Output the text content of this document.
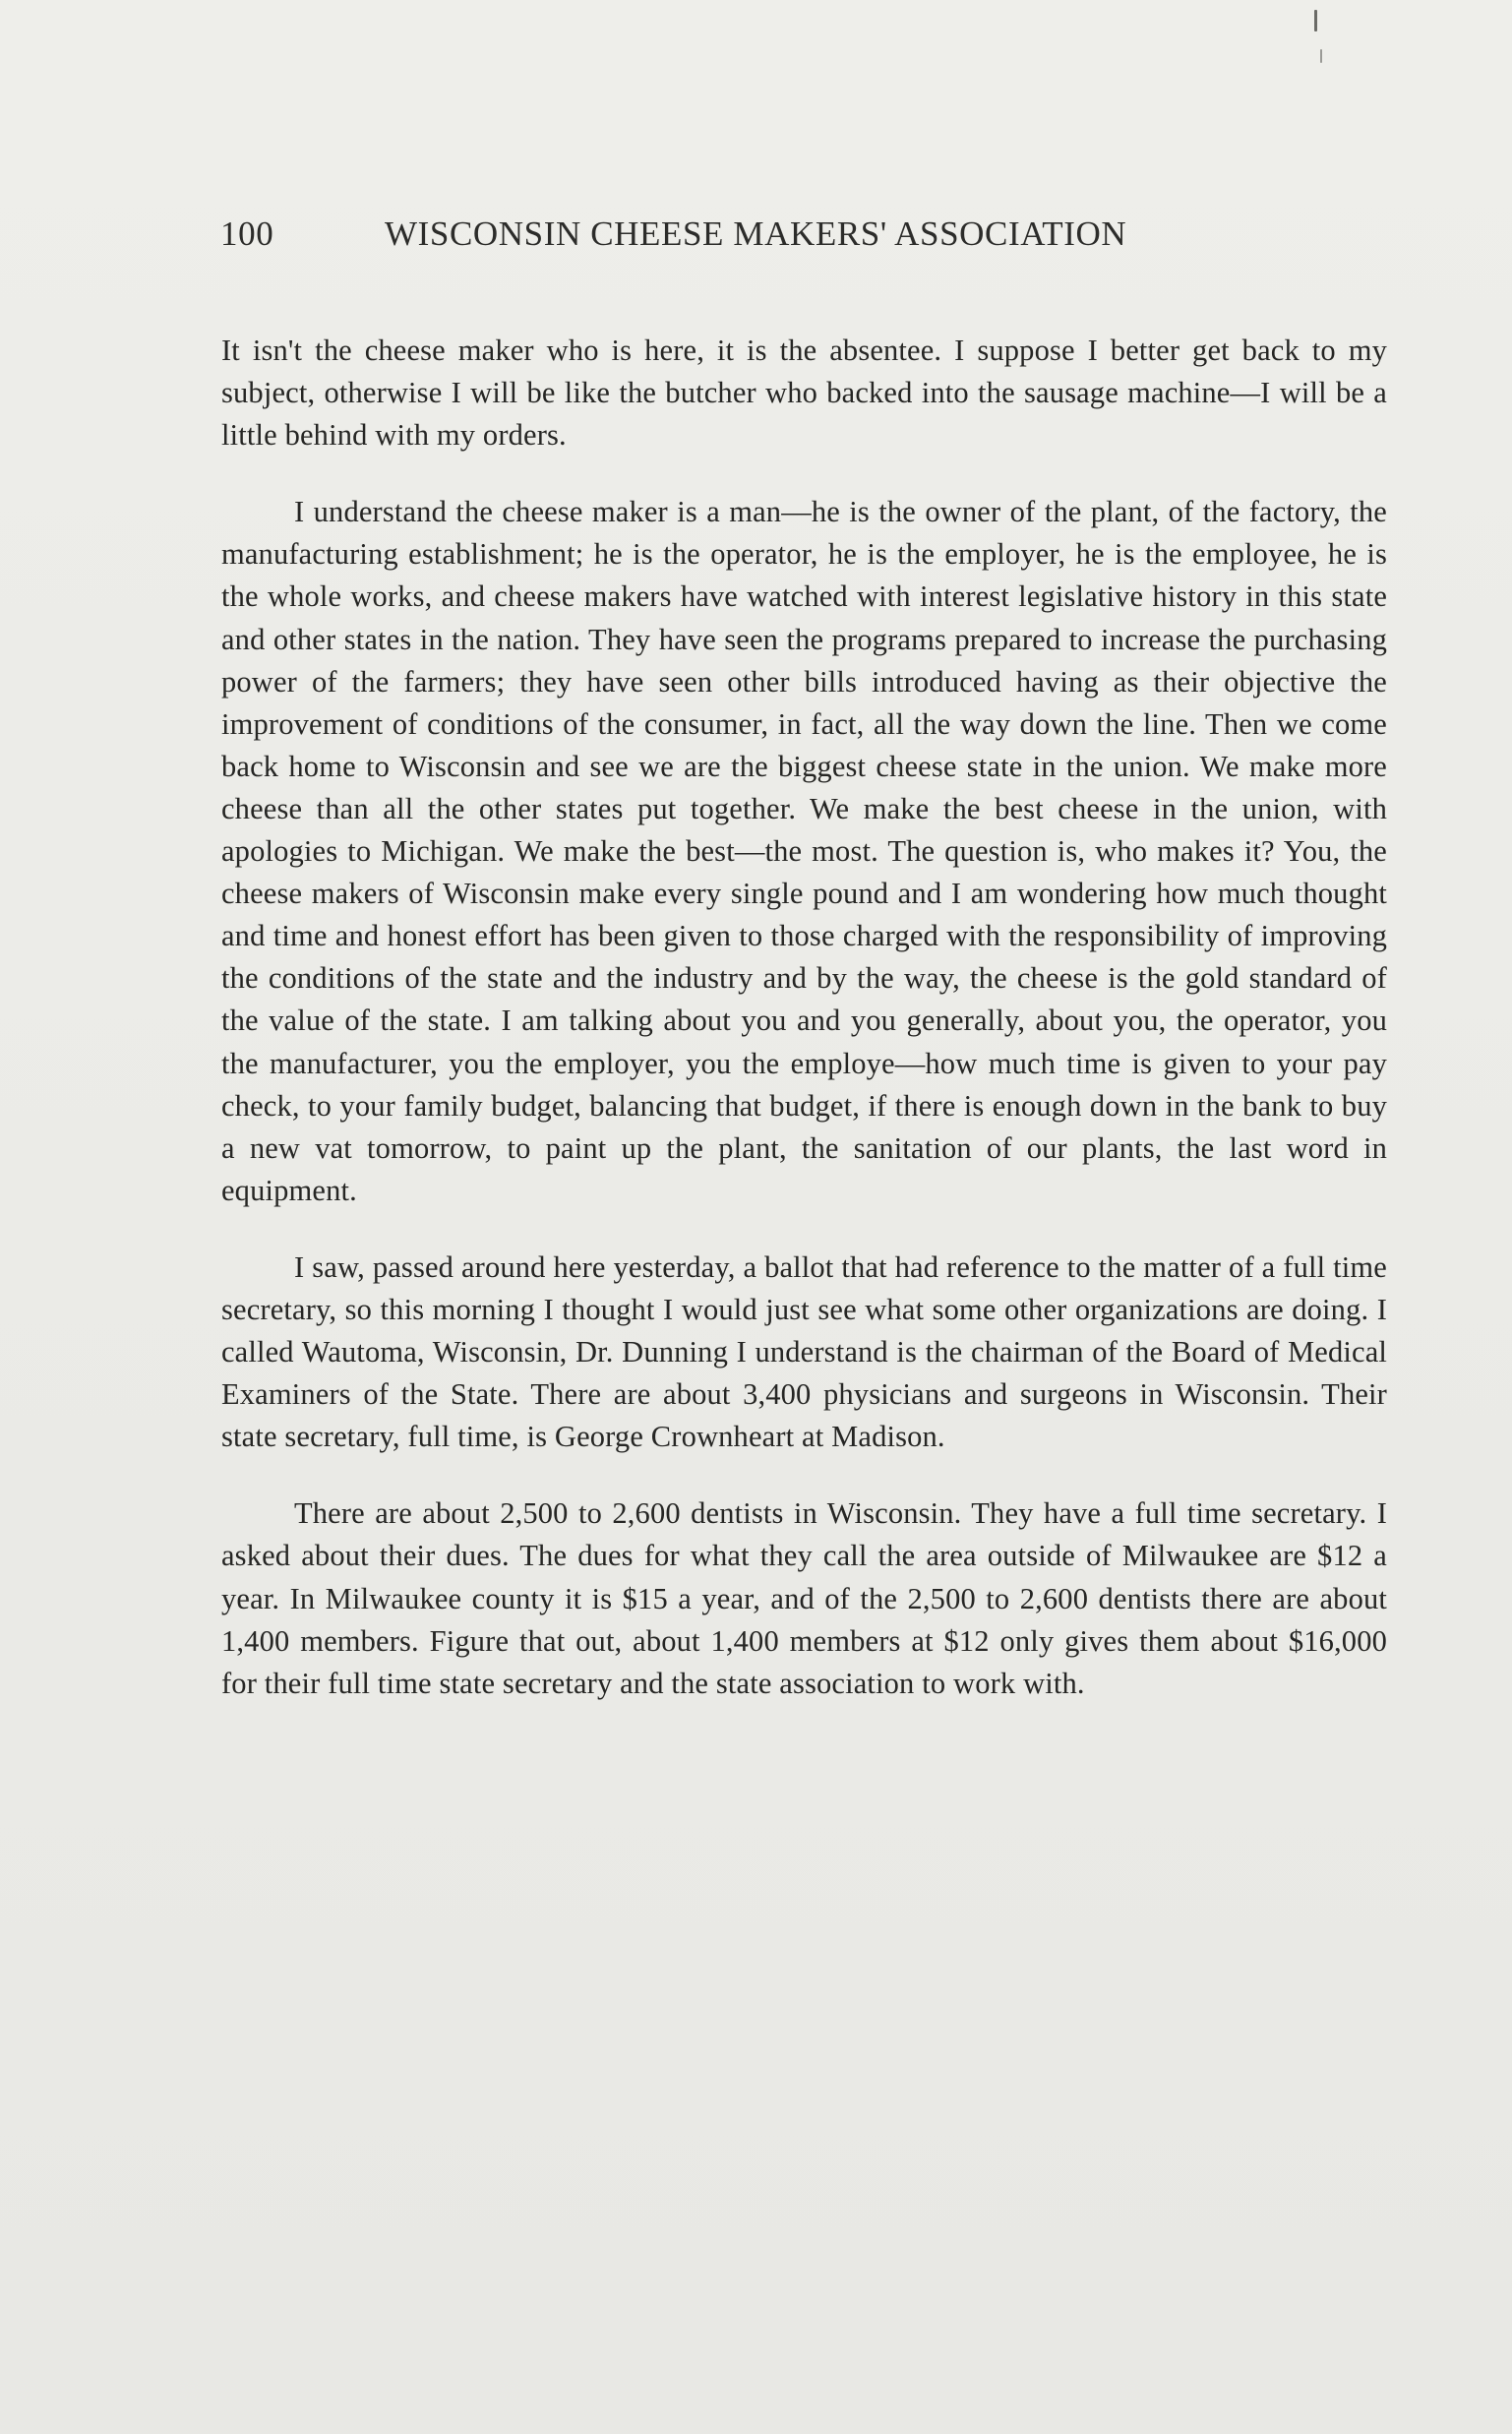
100	WISCONSIN CHEESE MAKERS' ASSOCIATION

It isn't the cheese maker who is here, it is the absentee. I suppose I better get back to my subject, otherwise I will be like the butcher who backed into the sausage machine—I will be a little behind with my orders.

I understand the cheese maker is a man—he is the owner of the plant, of the factory, the manufacturing establishment; he is the operator, he is the employer, he is the employee, he is the whole works, and cheese makers have watched with interest legislative history in this state and other states in the nation. They have seen the programs prepared to increase the purchasing power of the farmers; they have seen other bills introduced having as their objective the improvement of conditions of the consumer, in fact, all the way down the line. Then we come back home to Wisconsin and see we are the biggest cheese state in the union. We make more cheese than all the other states put together. We make the best cheese in the union, with apologies to Michigan. We make the best—the most. The question is, who makes it? You, the cheese makers of Wisconsin make every single pound and I am wondering how much thought and time and honest effort has been given to those charged with the responsibility of improving the conditions of the state and the industry and by the way, the cheese is the gold standard of the value of the state. I am talking about you and you generally, about you, the operator, you the manufacturer, you the employer, you the employe—how much time is given to your pay check, to your family budget, balancing that budget, if there is enough down in the bank to buy a new vat tomorrow, to paint up the plant, the sanitation of our plants, the last word in equipment.

I saw, passed around here yesterday, a ballot that had reference to the matter of a full time secretary, so this morning I thought I would just see what some other organizations are doing. I called Wautoma, Wisconsin, Dr. Dunning I understand is the chairman of the Board of Medical Examiners of the State. There are about 3,400 physicians and surgeons in Wisconsin. Their state secretary, full time, is George Crownheart at Madison.

There are about 2,500 to 2,600 dentists in Wisconsin. They have a full time secretary. I asked about their dues. The dues for what they call the area outside of Milwaukee are $12 a year. In Milwaukee county it is $15 a year, and of the 2,500 to 2,600 dentists there are about 1,400 members. Figure that out, about 1,400 members at $12 only gives them about $16,000 for their full time state secretary and the state association to work with.
